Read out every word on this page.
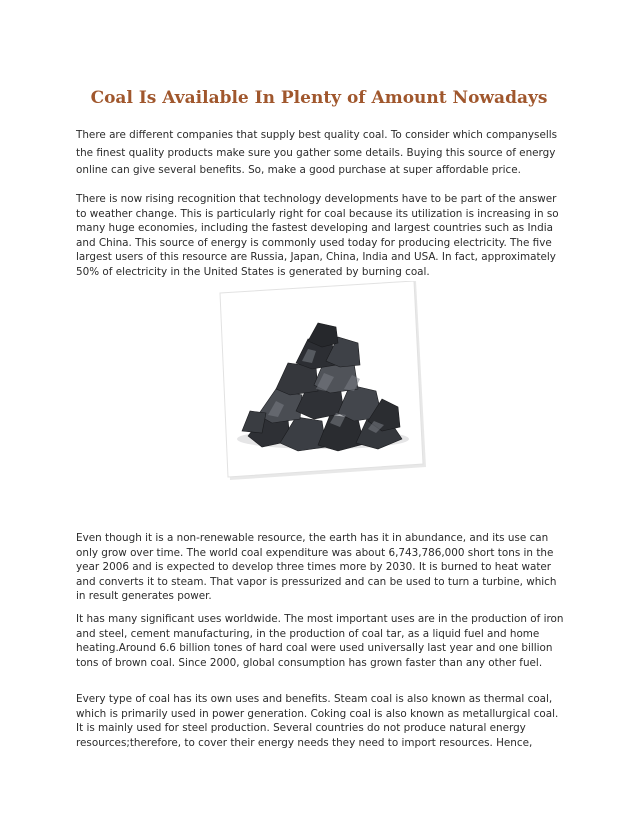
Coal Is Available In Plenty of Amount Nowadays

There are different companies that supply best quality coal. To consider which companysells the finest quality products make sure you gather some details. Buying this source of energy online can give several benefits. So, make a good purchase at super affordable price.

There is now rising recognition that technology developments have to be part of the answer to weather change. This is particularly right for coal because its utilization is increasing in so many huge economies, including the fastest developing and largest countries such as India and China. This source of energy is commonly used today for producing electricity. The five largest users of this resource are Russia, Japan, China, India and USA. In fact, approximately 50% of electricity in the United States is generated by burning coal.

Even though it is a non-renewable resource, the earth has it in abundance, and its use can only grow over time. The world coal expenditure was about 6,743,786,000 short tons in the year 2006 and is expected to develop three times more by 2030. It is burned to heat water and converts it to steam. That vapor is pressurized and can be used to turn a turbine, which in result generates power.

It has many significant uses worldwide. The most important uses are in the production of iron and steel, cement manufacturing, in the production of coal tar, as a liquid fuel and home heating.Around 6.6 billion tones of hard coal were used universally last year and one billion tons of brown coal. Since 2000, global consumption has grown faster than any other fuel.

Every type of coal has its own uses and benefits. Steam coal is also known as thermal coal, which is primarily used in power generation. Coking coal is also known as metallurgical coal. It is mainly used for steel production. Several countries do not produce natural energy resources;therefore, to cover their energy needs they need to import resources. Hence,
